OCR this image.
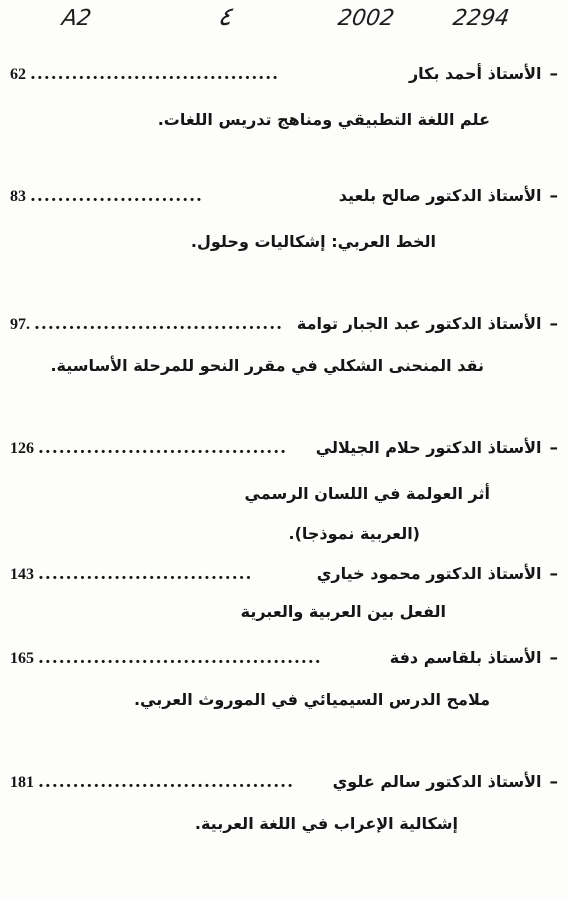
A2	٤	2002	2294
62 ....................................	الأستاذ أحمد بكار –
علم اللغة التطبيقي ومناهج تدريس اللغات.
83 .........................	الأستاذ الدكتور صالح بلعيد –
الخط العربي: إشكاليات وحلول.
97. .................................... الأستاذ الدكتور عبد الجبار توامة –
نقد المنحنى الشكلي في مقرر النحو للمرحلة الأساسية.
126 ....................................	الأستاذ الدكتور حلام الجيلالي –
أثر العولمة في اللسان الرسمي
(العربية نموذجا).
143 ...............................	الأستاذ الدكتور محمود خياري –
الفعل بين العربية والعبرية
165 .........................................	الأستاذ بلقاسم دفة –
ملامح الدرس السيميائي في الموروث العربي.
181 .....................................	الأستاذ الدكتور سالم علوي –
إشكالية الإعراب في اللغة العربية.
